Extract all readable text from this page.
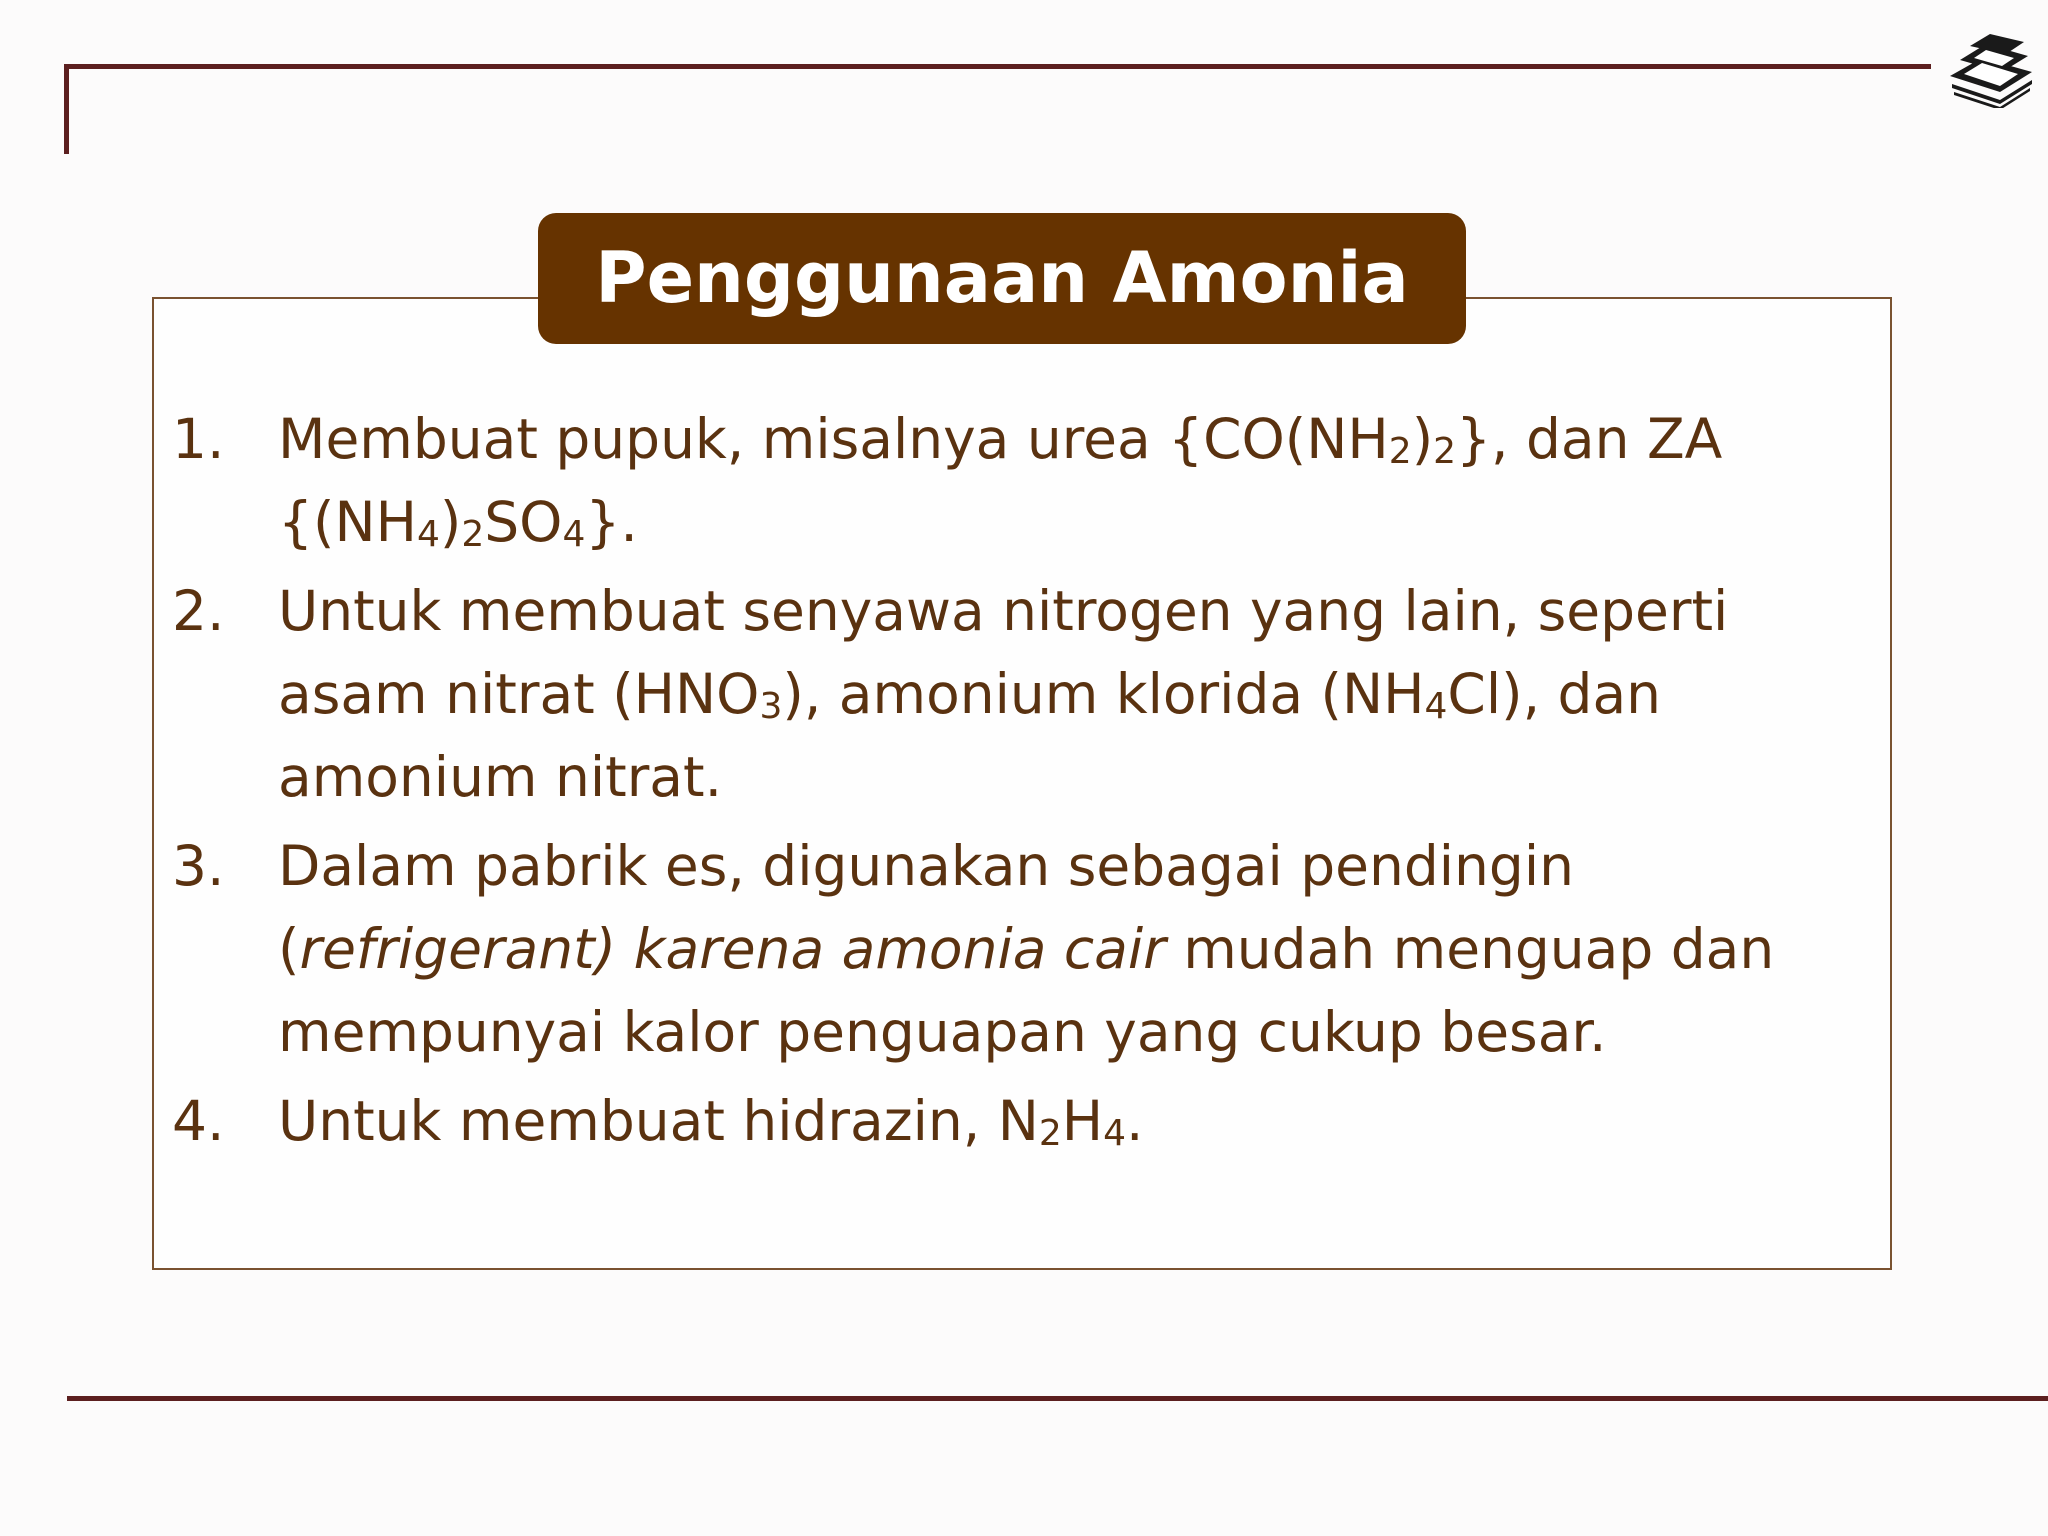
Penggunaan Amonia
1. Membuat pupuk, misalnya urea $\{CO(NH_2)_2\}$, dan ZA $\{(NH_4)_2SO_4\}$.
2. Untuk membuat senyawa nitrogen yang lain, seperti asam nitrat $(HNO_3)$, amonium klorida $(NH_4Cl)$, dan amonium nitrat.
3. Dalam pabrik es, digunakan sebagai pendingin (refrigerant) karena amonia cair mudah menguap dan mempunyai kalor penguapan yang cukup besar.
4. Untuk membuat hidrazin, $N_2H_4$.
